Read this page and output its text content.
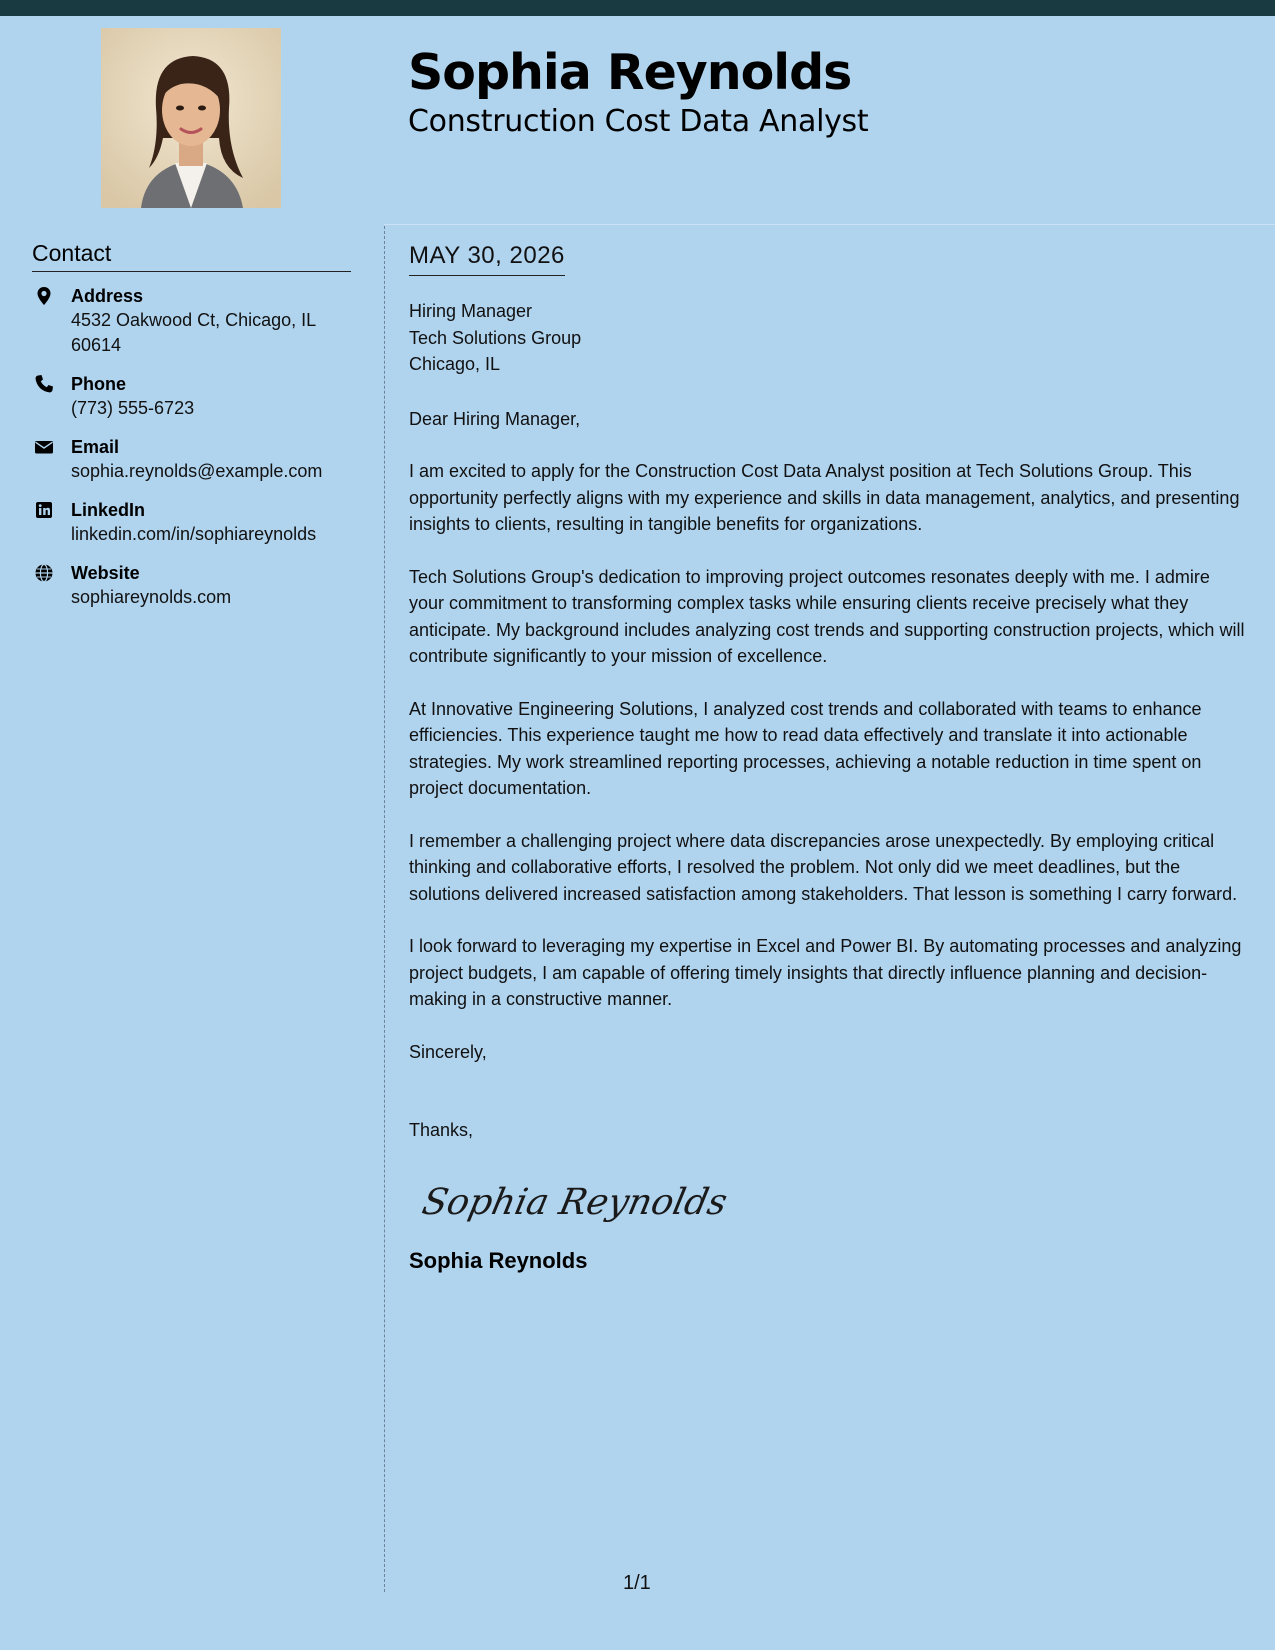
Sophia Reynolds
Construction Cost Data Analyst
Contact
Address
4532 Oakwood Ct, Chicago, IL 60614
Phone
(773) 555-6723
Email
sophia.reynolds@example.com
LinkedIn
linkedin.com/in/sophiareynolds
Website
sophiareynolds.com
MAY 30, 2026
Hiring Manager
Tech Solutions Group
Chicago, IL
Dear Hiring Manager,

I am excited to apply for the Construction Cost Data Analyst position at Tech Solutions Group. This opportunity perfectly aligns with my experience and skills in data management, analytics, and presenting insights to clients, resulting in tangible benefits for organizations.

Tech Solutions Group's dedication to improving project outcomes resonates deeply with me. I admire your commitment to transforming complex tasks while ensuring clients receive precisely what they anticipate. My background includes analyzing cost trends and supporting construction projects, which will contribute significantly to your mission of excellence.

At Innovative Engineering Solutions, I analyzed cost trends and collaborated with teams to enhance efficiencies. This experience taught me how to read data effectively and translate it into actionable strategies. My work streamlined reporting processes, achieving a notable reduction in time spent on project documentation.

I remember a challenging project where data discrepancies arose unexpectedly. By employing critical thinking and collaborative efforts, I resolved the problem. Not only did we meet deadlines, but the solutions delivered increased satisfaction among stakeholders. That lesson is something I carry forward.

I look forward to leveraging my expertise in Excel and Power BI. By automating processes and analyzing project budgets, I am capable of offering timely insights that directly influence planning and decision-making in a constructive manner.

Sincerely,
Thanks,
Sophia Reynolds
Sophia Reynolds
1/1
